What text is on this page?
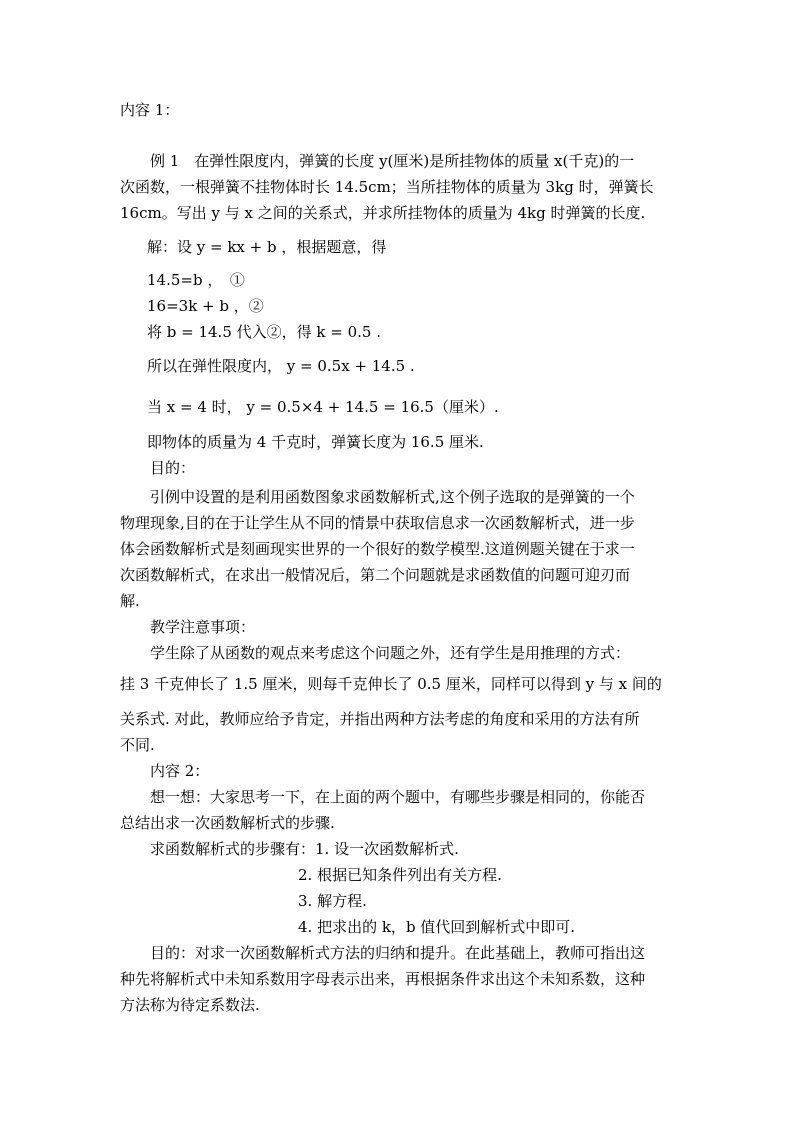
内容 1：
例 1　在弹性限度内，弹簧的长度 y(厘米)是所挂物体的质量 x(千克)的一
次函数，一根弹簧不挂物体时长 14.5cm；当所挂物体的质量为 3kg 时，弹簧长
16cm。写出 y 与 x 之间的关系式，并求所挂物体的质量为 4kg 时弹簧的长度.
解：设 y = kx + b ，根据题意，得
14.5=b ，　①
16=3k + b ，②
将 b = 14.5 代入②，得 k = 0.5 .
所以在弹性限度内， y = 0.5x + 14.5 .
当 x = 4 时， y = 0.5×4 + 14.5 = 16.5（厘米）.
即物体的质量为 4 千克时，弹簧长度为 16.5 厘米.
目的：
引例中设置的是利用函数图象求函数解析式,这个例子选取的是弹簧的一个
物理现象,目的在于让学生从不同的情景中获取信息求一次函数解析式，进一步
体会函数解析式是刻画现实世界的一个很好的数学模型.这道例题关键在于求一
次函数解析式，在求出一般情况后，第二个问题就是求函数值的问题可迎刃而
解.
教学注意事项：
学生除了从函数的观点来考虑这个问题之外，还有学生是用推理的方式：
挂 3 千克伸长了 1.5 厘米，则每千克伸长了 0.5 厘米，同样可以得到 y 与 x 间的
关系式. 对此，教师应给予肯定，并指出两种方法考虑的角度和采用的方法有所
不同.
内容 2：
想一想：大家思考一下，在上面的两个题中，有哪些步骤是相同的，你能否
总结出求一次函数解析式的步骤.
求函数解析式的步骤有：1. 设一次函数解析式.
2. 根据已知条件列出有关方程.
3. 解方程.
4. 把求出的 k，b 值代回到解析式中即可.
目的：对求一次函数解析式方法的归纳和提升。在此基础上，教师可指出这
种先将解析式中未知系数用字母表示出来，再根据条件求出这个未知系数，这种
方法称为待定系数法.
